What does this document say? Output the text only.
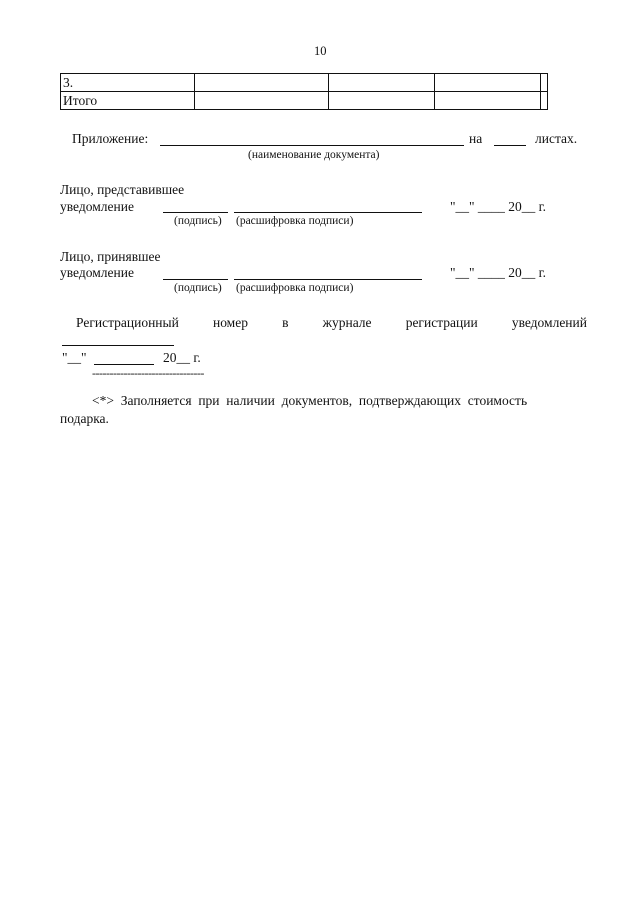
10
3.				
Итого				
Приложение:	на	листах.
(наименование документа)
Лицо, представившее
уведомление	"__" ____ 20__ г.
(подпись) (расшифровка подписи)
Лицо, принявшее
уведомление	"__" ____ 20__ г.
(подпись) (расшифровка подписи)
Регистрационный	номер	в	журнале	регистрации	уведомлений
"__"	20__ г.
--------------------------------
<*> Заполняется при наличии документов, подтверждающих стоимость
подарка.
